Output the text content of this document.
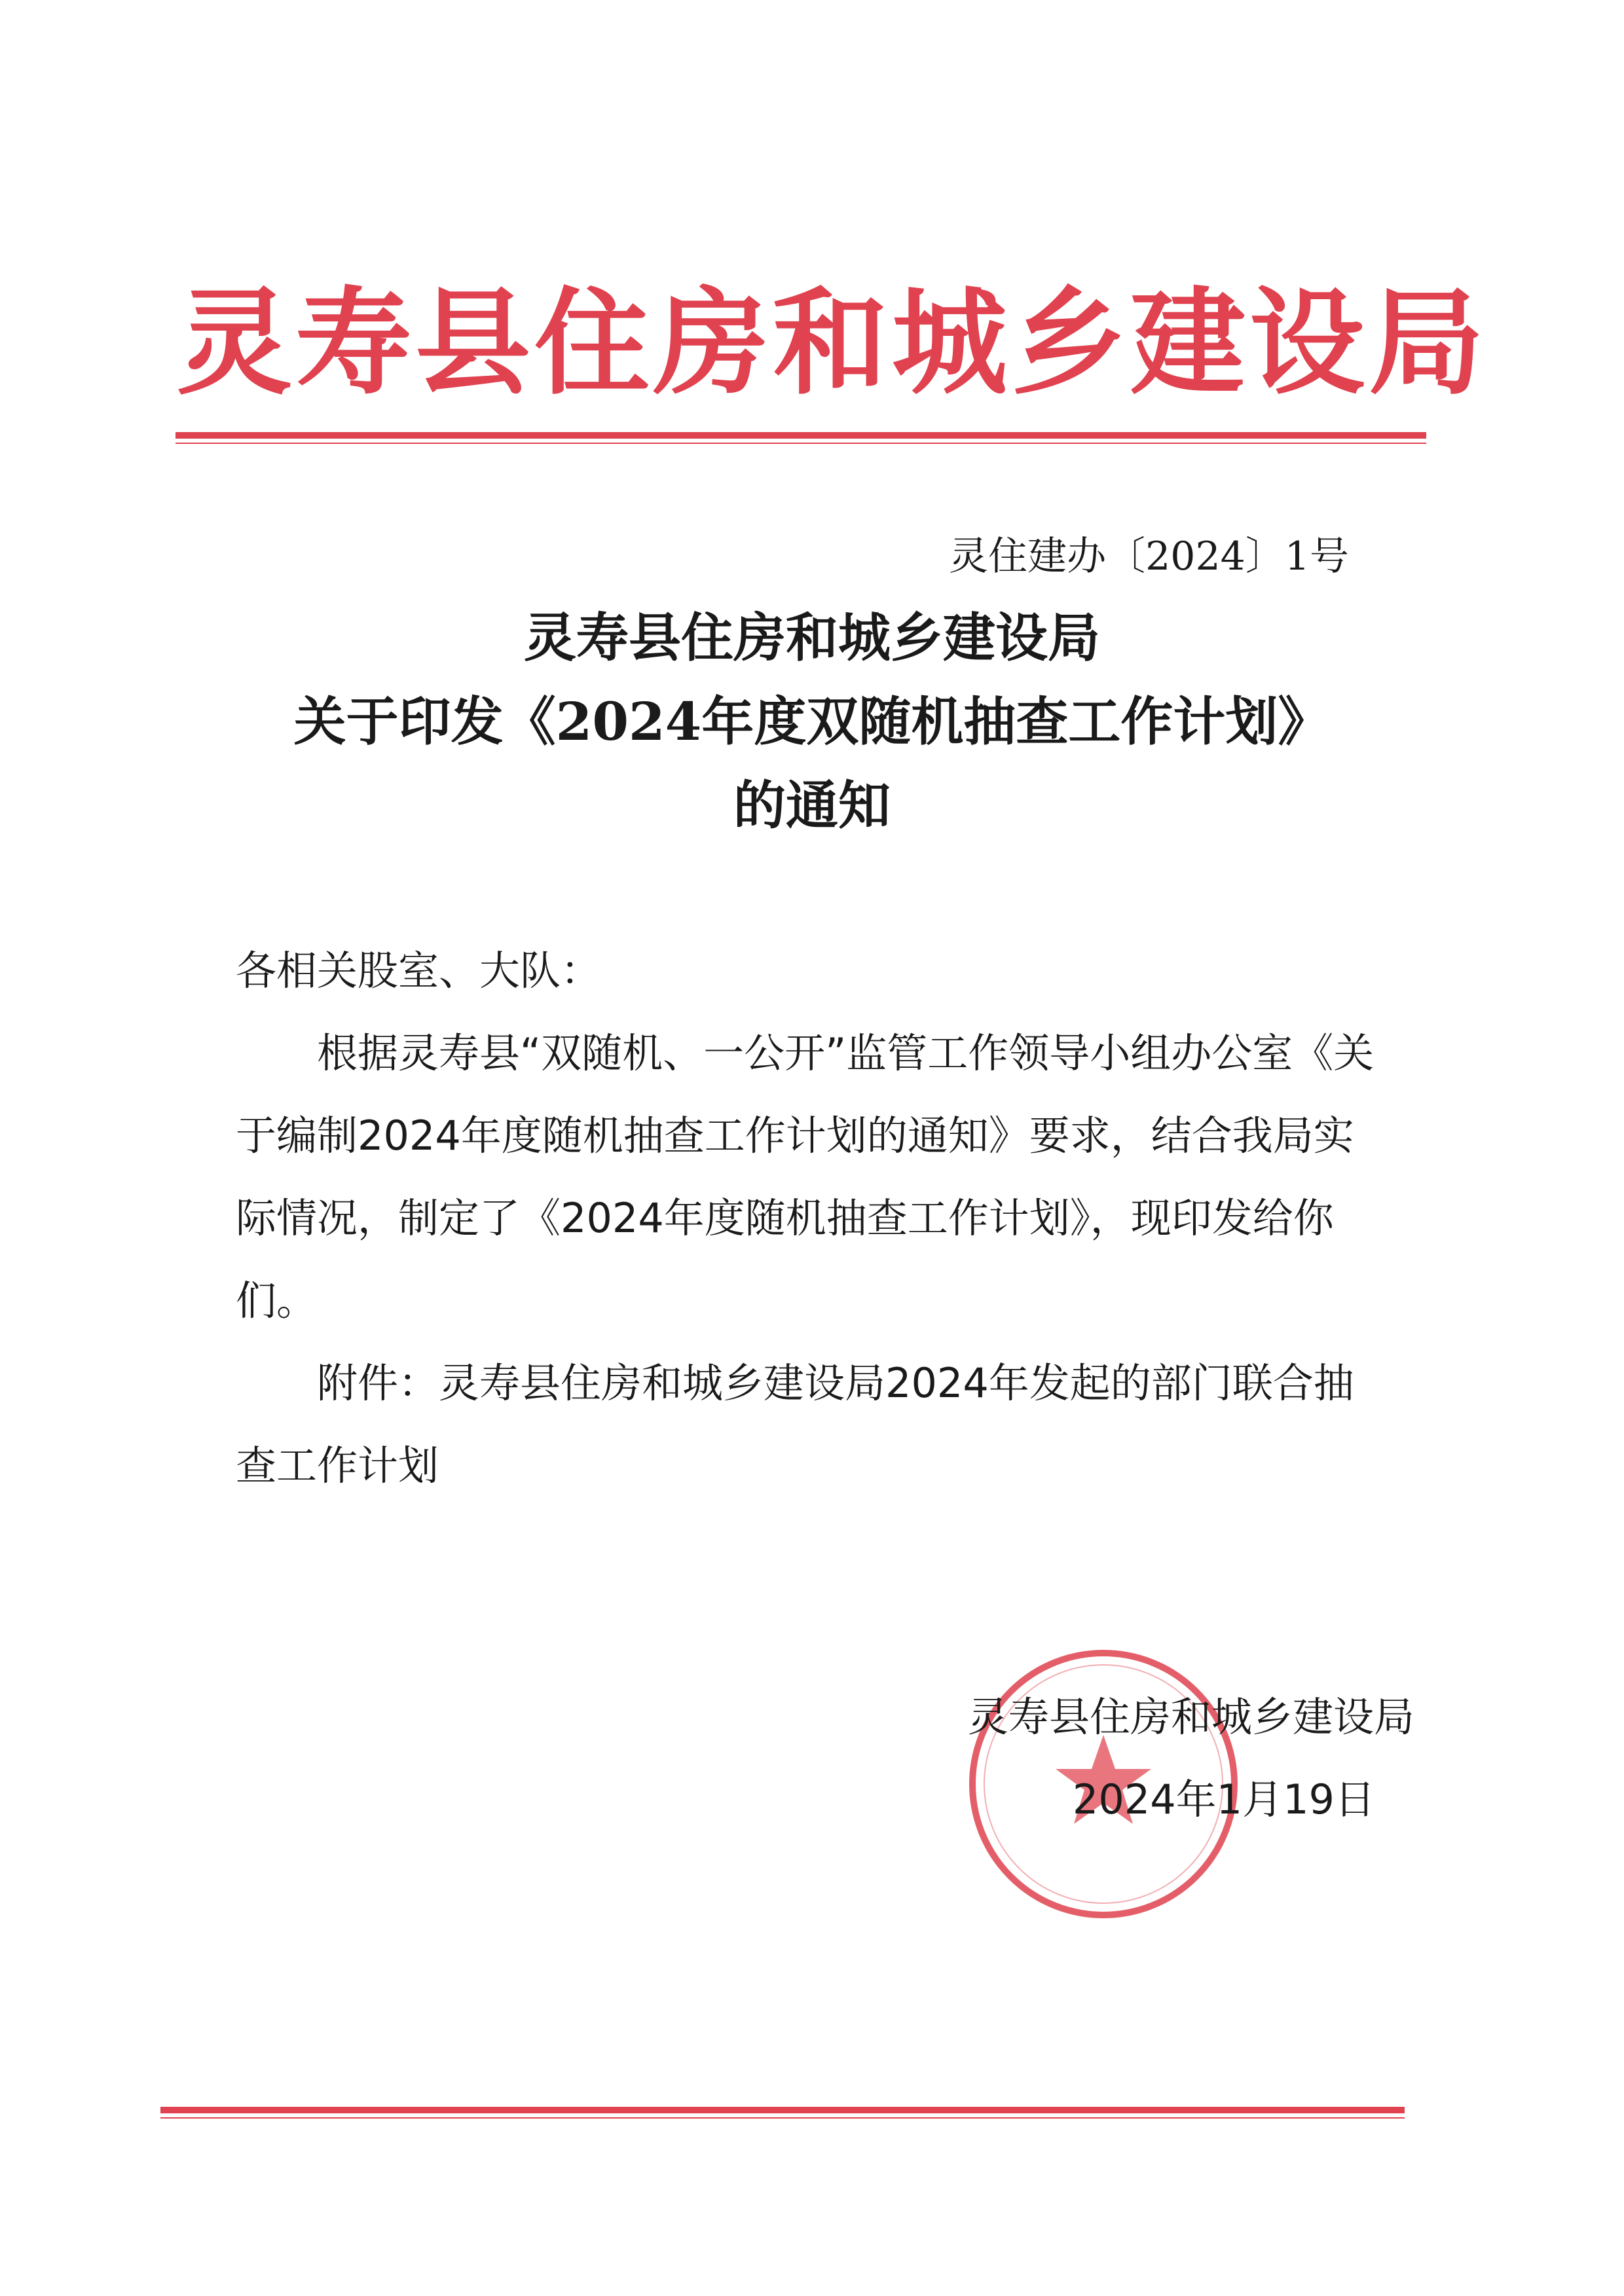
灵寿县住房和城乡建设局
灵住建办〔2024〕1号
灵寿县住房和城乡建设局
关于印发《2024年度双随机抽查工作计划》
的通知

各相关股室、大队：

根据灵寿县“双随机、一公开”监管工作领导小组办公室《关于编制2024年度随机抽查工作计划的通知》要求，结合我局实际情况，制定了《2024年度随机抽查工作计划》，现印发给你们。

附件：灵寿县住房和城乡建设局2024年发起的部门联合抽查工作计划

灵寿县住房和城乡建设局
2024年1月19日
